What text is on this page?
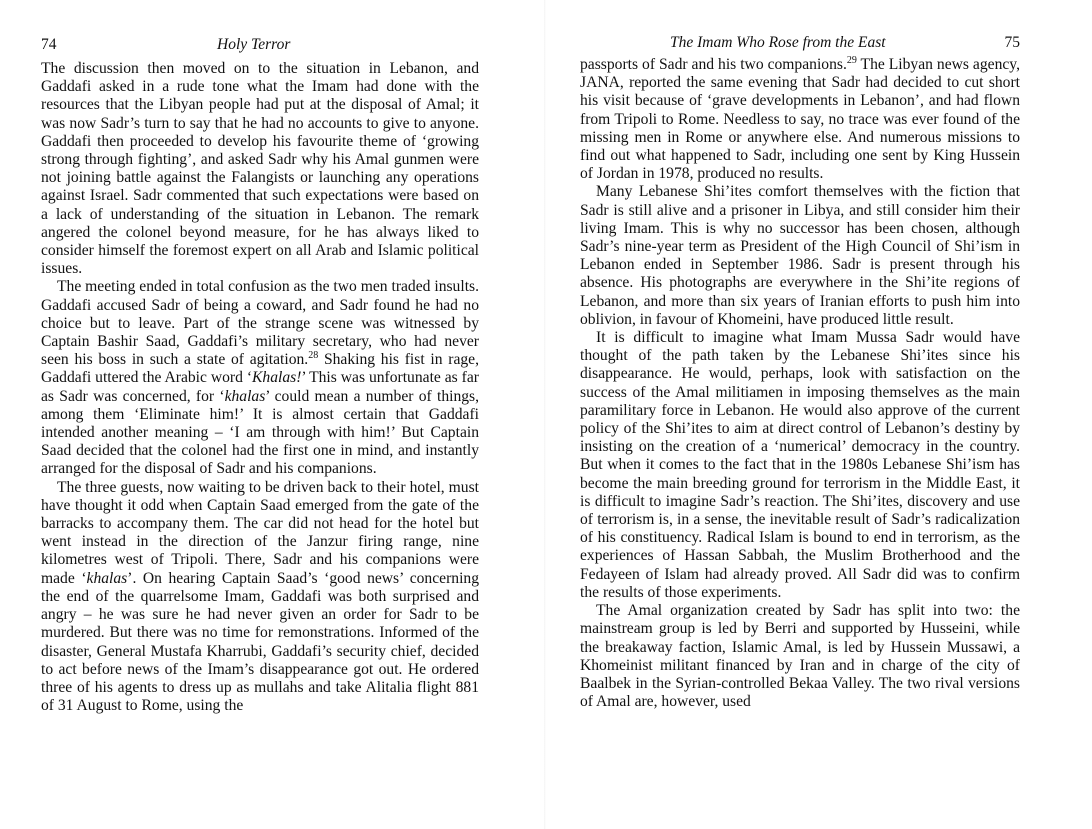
74	Holy Terror

The discussion then moved on to the situation in Lebanon, and Gaddafi asked in a rude tone what the Imam had done with the resources that the Libyan people had put at the disposal of Amal; it was now Sadr’s turn to say that he had no accounts to give to anyone. Gaddafi then proceeded to develop his favourite theme of ‘growing strong through fighting’, and asked Sadr why his Amal gunmen were not joining battle against the Falangists or launching any operations against Israel. Sadr commented that such expectations were based on a lack of understanding of the situation in Lebanon. The remark angered the colonel beyond measure, for he has always liked to consider himself the foremost expert on all Arab and Islamic political issues.

The meeting ended in total confusion as the two men traded insults. Gaddafi accused Sadr of being a coward, and Sadr found he had no choice but to leave. Part of the strange scene was witnessed by Captain Bashir Saad, Gaddafi’s military secretary, who had never seen his boss in such a state of agitation.$^{28}$ Shaking his fist in rage, Gaddafi uttered the Arabic word ‘Khalas!’ This was unfortunate as far as Sadr was concerned, for ‘khalas’ could mean a number of things, among them ‘Eliminate him!’ It is almost certain that Gaddafi intended another meaning – ‘I am through with him!’ But Captain Saad decided that the colonel had the first one in mind, and instantly arranged for the disposal of Sadr and his companions.

The three guests, now waiting to be driven back to their hotel, must have thought it odd when Captain Saad emerged from the gate of the barracks to accompany them. The car did not head for the hotel but went instead in the direction of the Janzur firing range, nine kilometres west of Tripoli. There, Sadr and his companions were made ‘khalas’. On hearing Captain Saad’s ‘good news’ concerning the end of the quarrelsome Imam, Gaddafi was both surprised and angry – he was sure he had never given an order for Sadr to be murdered. But there was no time for remonstrations. Informed of the disaster, General Mustafa Kharrubi, Gaddafi’s security chief, decided to act before news of the Imam’s disappearance got out. He ordered three of his agents to dress up as mullahs and take Alitalia flight 881 of 31 August to Rome, using the

The Imam Who Rose from the East	75

passports of Sadr and his two companions.$^{29}$ The Libyan news agency, JANA, reported the same evening that Sadr had decided to cut short his visit because of ‘grave developments in Lebanon’, and had flown from Tripoli to Rome. Needless to say, no trace was ever found of the missing men in Rome or anywhere else. And numerous missions to find out what happened to Sadr, including one sent by King Hussein of Jordan in 1978, produced no results.

Many Lebanese Shi’ites comfort themselves with the fiction that Sadr is still alive and a prisoner in Libya, and still consider him their living Imam. This is why no successor has been chosen, although Sadr’s nine-year term as President of the High Council of Shi’ism in Lebanon ended in September 1986. Sadr is present through his absence. His photographs are everywhere in the Shi’ite regions of Lebanon, and more than six years of Iranian efforts to push him into oblivion, in favour of Khomeini, have produced little result.

It is difficult to imagine what Imam Mussa Sadr would have thought of the path taken by the Lebanese Shi’ites since his disappearance. He would, perhaps, look with satisfaction on the success of the Amal militiamen in imposing themselves as the main paramilitary force in Lebanon. He would also approve of the current policy of the Shi’ites to aim at direct control of Lebanon’s destiny by insisting on the creation of a ‘numerical’ democracy in the country. But when it comes to the fact that in the 1980s Lebanese Shi’ism has become the main breeding ground for terrorism in the Middle East, it is difficult to imagine Sadr’s reaction. The Shi’ites, discovery and use of terrorism is, in a sense, the inevitable result of Sadr’s radicalization of his constituency. Radical Islam is bound to end in terrorism, as the experiences of Hassan Sabbah, the Muslim Brotherhood and the Fedayeen of Islam had already proved. All Sadr did was to confirm the results of those experiments.

The Amal organization created by Sadr has split into two: the mainstream group is led by Berri and supported by Husseini, while the breakaway faction, Islamic Amal, is led by Hussein Mussawi, a Khomeinist militant financed by Iran and in charge of the city of Baalbek in the Syrian-controlled Bekaa Valley. The two rival versions of Amal are, however, used
